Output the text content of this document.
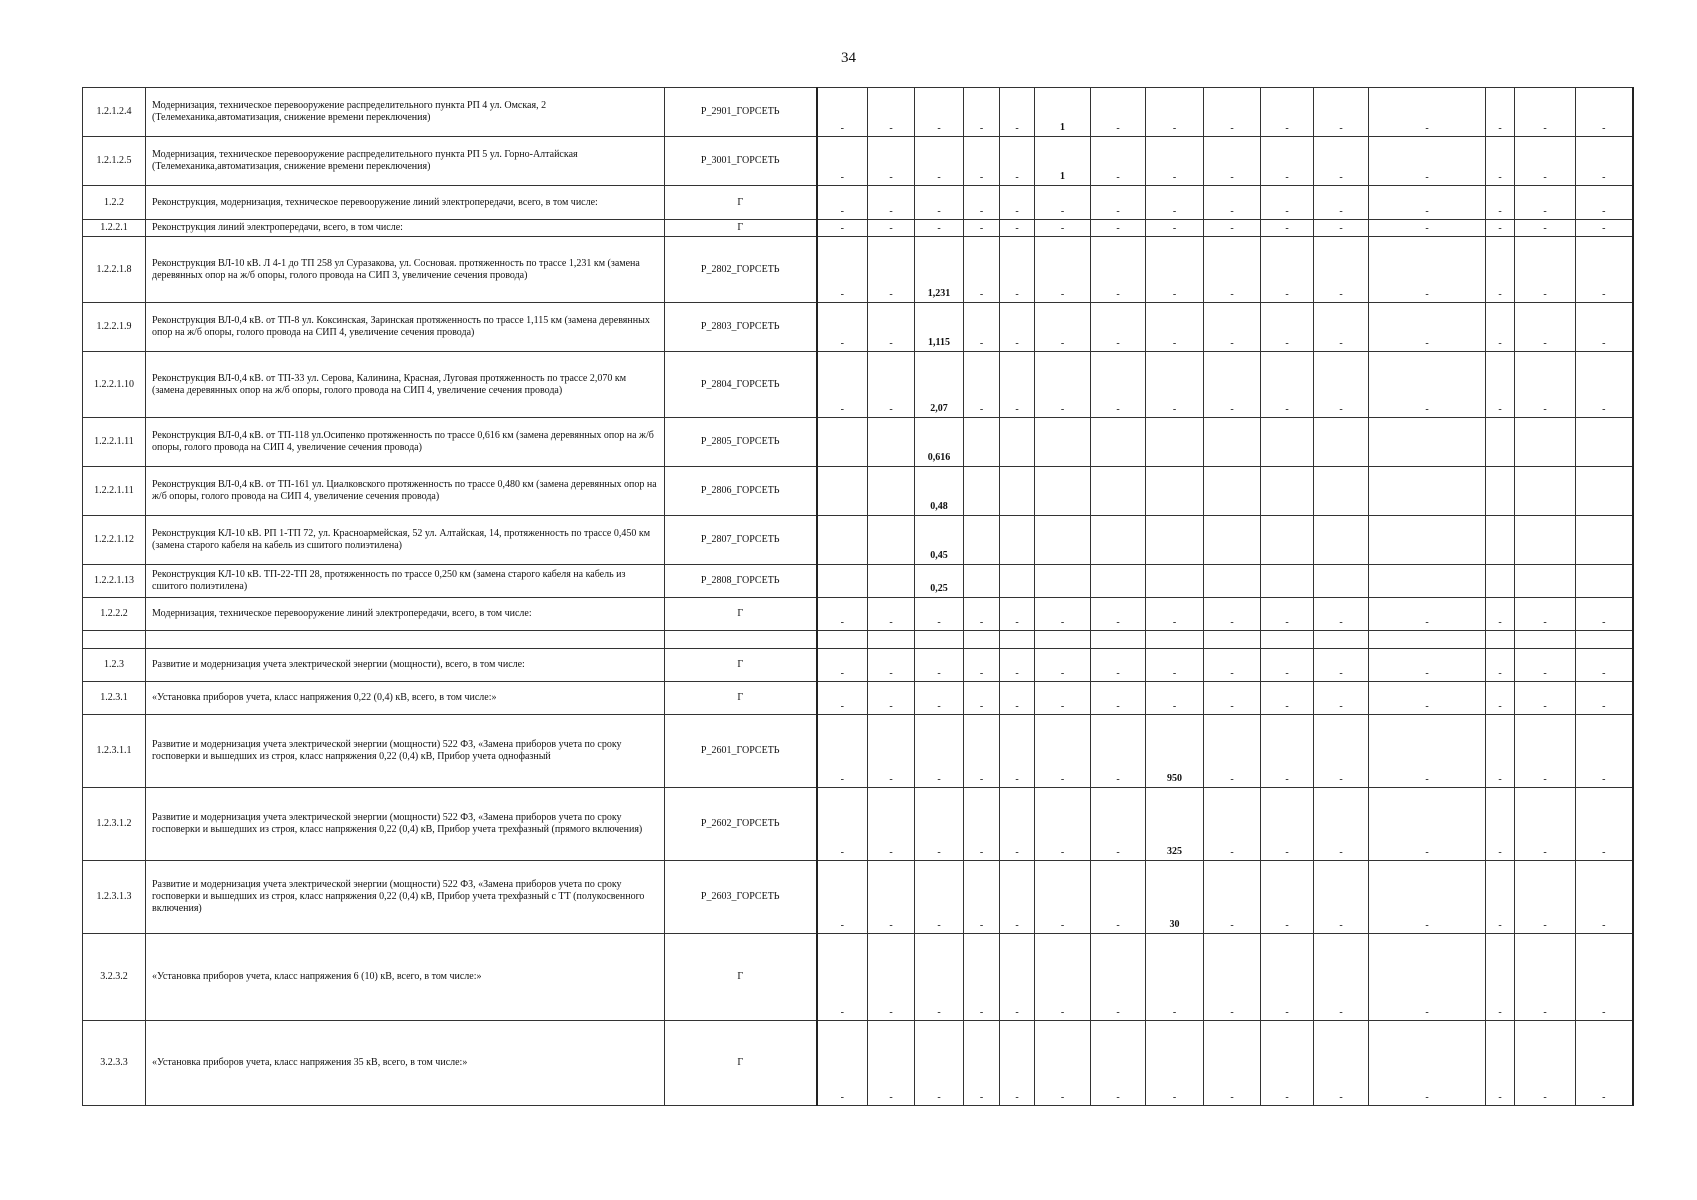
34
1.2.1.2.4	Модернизация, техническое перевооружение распределительного пункта РП 4 ул. Омская, 2 (Телемеханика,автоматизация, снижение времени переключения)	P_2901_ГОРСЕТЬ	-	-	-	-	-	1	-	-	-	-	-	-	-	-	-
1.2.1.2.5	Модернизация, техническое перевооружение распределительного пункта РП 5 ул. Горно-Алтайская (Телемеханика,автоматизация, снижение времени переключения)	P_3001_ГОРСЕТЬ	-	-	-	-	-	1	-	-	-	-	-	-	-	-	-
1.2.2	Реконструкция, модернизация, техническое перевооружение линий электропередачи, всего, в том числе:	Г	-	-	-	-	-	-	-	-	-	-	-	-	-	-	-
1.2.2.1	Реконструкция линий электропередачи, всего, в том числе:	Г	-	-	-	-	-	-	-	-	-	-	-	-	-	-	-
1.2.2.1.8	Реконструкция ВЛ-10 кВ. Л 4-1 до ТП 258 ул Суразакова, ул. Сосновая. протяженность по трассе 1,231 км (замена деревянных опор на ж/б опоры, голого провода на СИП 3, увеличение сечения провода)	P_2802_ГОРСЕТЬ	-	-	1,231	-	-	-	-	-	-	-	-	-	-	-	-
1.2.2.1.9	Реконструкция ВЛ-0,4 кВ. от ТП-8 ул. Коксинская, Заринская протяженность по трассе 1,115 км (замена деревянных опор на ж/б опоры, голого провода на СИП 4, увеличение сечения провода)	P_2803_ГОРСЕТЬ	-	-	1,115	-	-	-	-	-	-	-	-	-	-	-	-
1.2.2.1.10	Реконструкция ВЛ-0,4 кВ. от ТП-33 ул. Серова, Калинина, Красная, Луговая протяженность по трассе 2,070 км (замена деревянных опор на ж/б опоры, голого провода на СИП 4, увеличение сечения провода)	P_2804_ГОРСЕТЬ	-	-	2,07	-	-	-	-	-	-	-	-	-	-	-	-
1.2.2.1.11	Реконструкция ВЛ-0,4 кВ. от ТП-118 ул.Осипенко протяженность по трассе 0,616 км (замена деревянных опор на ж/б опоры, голого провода на СИП 4, увеличение сечения провода)	P_2805_ГОРСЕТЬ			0,616												
1.2.2.1.11	Реконструкция ВЛ-0,4 кВ. от ТП-161 ул. Циалковского протяженность по трассе 0,480 км (замена деревянных опор на ж/б опоры, голого провода на СИП 4, увеличение сечения провода)	P_2806_ГОРСЕТЬ			0,48												
1.2.2.1.12	Реконструкция КЛ-10 кВ. РП 1-ТП 72, ул. Красноармейская, 52 ул. Алтайская, 14, протяженность по трассе 0,450 км (замена старого кабеля на кабель из сшитого полиэтилена)	P_2807_ГОРСЕТЬ			0,45												
1.2.2.1.13	Реконструкция КЛ-10 кВ. ТП-22-ТП 28, протяженность по трассе 0,250 км (замена старого кабеля на кабель из сшитого полиэтилена)	P_2808_ГОРСЕТЬ			0,25												
1.2.2.2	Модернизация, техническое перевооружение линий электропередачи, всего, в том числе:	Г	-	-	-	-	-	-	-	-	-	-	-	-	-	-	-

1.2.3	Развитие и модернизация учета электрической энергии (мощности), всего, в том числе:	Г	-	-	-	-	-	-	-	-	-	-	-	-	-	-	-
1.2.3.1	«Установка приборов учета, класс напряжения 0,22 (0,4) кВ, всего, в том числе:»	Г	-	-	-	-	-	-	-	-	-	-	-	-	-	-	-
1.2.3.1.1	Развитие и модернизация учета электрической энергии (мощности) 522 ФЗ, «Замена приборов учета по сроку госповерки и вышедших из строя, класс напряжения 0,22 (0,4) кВ, Прибор учета однофазный	P_2601_ГОРСЕТЬ	-	-	-	-	-	-	-	950	-	-	-	-	-	-	-
1.2.3.1.2	Развитие и модернизация учета электрической энергии (мощности) 522 ФЗ, «Замена приборов учета по сроку госповерки и вышедших из строя, класс напряжения 0,22 (0,4) кВ, Прибор учета трехфазный (прямого включения)	P_2602_ГОРСЕТЬ	-	-	-	-	-	-	-	325	-	-	-	-	-	-	-
1.2.3.1.3	Развитие и модернизация учета электрической энергии (мощности) 522 ФЗ, «Замена приборов учета по сроку госповерки и вышедших из строя, класс напряжения 0,22 (0,4) кВ, Прибор учета трехфазный с ТТ (полукосвенного включения)	P_2603_ГОРСЕТЬ	-	-	-	-	-	-	-	30	-	-	-	-	-	-	-
3.2.3.2	«Установка приборов учета, класс напряжения 6 (10) кВ, всего, в том числе:»	Г	-	-	-	-	-	-	-	-	-	-	-	-	-	-	-
3.2.3.3	«Установка приборов учета, класс напряжения 35 кВ, всего, в том числе:»	Г	-	-	-	-	-	-	-	-	-	-	-	-	-	-	-
